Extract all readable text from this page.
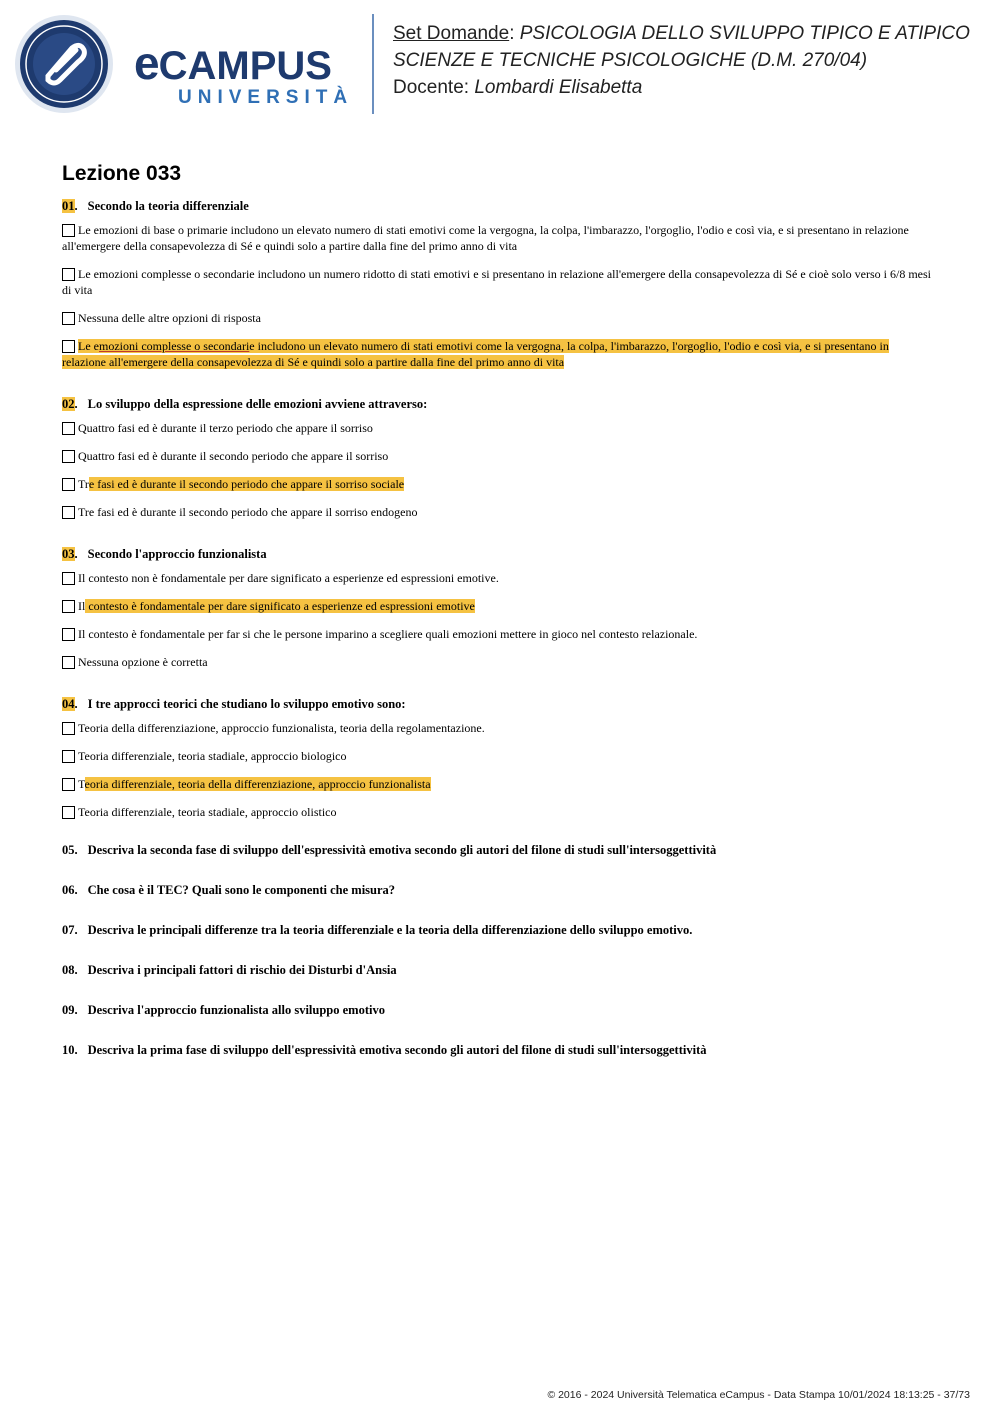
eCAMPUS
UNIVERSITÀ
Set Domande: PSICOLOGIA DELLO SVILUPPO TIPICO E ATIPICO
SCIENZE E TECNICHE PSICOLOGICHE (D.M. 270/04)
Docente: Lombardi Elisabetta
Lezione 033
01. Secondo la teoria differenziale
Le emozioni di base o primarie includono un elevato numero di stati emotivi come la vergogna, la colpa, l'imbarazzo, l'orgoglio, l'odio e così via, e si presentano in relazione all'emergere della consapevolezza di Sé e quindi solo a partire dalla fine del primo anno di vita
Le emozioni complesse o secondarie includono un numero ridotto di stati emotivi e si presentano in relazione all'emergere della consapevolezza di Sé e cioè solo verso i 6/8 mesi di vita
Nessuna delle altre opzioni di risposta
Le emozioni complesse o secondarie includono un elevato numero di stati emotivi come la vergogna, la colpa, l'imbarazzo, l'orgoglio, l'odio e così via, e si presentano in relazione all'emergere della consapevolezza di Sé e quindi solo a partire dalla fine del primo anno di vita
02. Lo sviluppo della espressione delle emozioni avviene attraverso:
Quattro fasi ed è durante il terzo periodo che appare il sorriso
Quattro fasi ed è durante il secondo periodo che appare il sorriso
Tre fasi ed è durante il secondo periodo che appare il sorriso sociale
Tre fasi ed è durante il secondo periodo che appare il sorriso endogeno
03. Secondo l'approccio funzionalista
Il contesto non è fondamentale per dare significato a esperienze ed espressioni emotive.
Il contesto è fondamentale per dare significato a esperienze ed espressioni emotive
Il contesto è fondamentale per far si che le persone imparino a scegliere quali emozioni mettere in gioco nel contesto relazionale.
Nessuna opzione è corretta
04. I tre approcci teorici che studiano lo sviluppo emotivo sono:
Teoria della differenziazione, approccio funzionalista, teoria della regolamentazione.
Teoria differenziale, teoria stadiale, approccio biologico
Teoria differenziale, teoria della differenziazione, approccio funzionalista
Teoria differenziale, teoria stadiale, approccio olistico
05. Descriva la seconda fase di sviluppo dell'espressività emotiva secondo gli autori del filone di studi sull'intersoggettività
06. Che cosa è il TEC? Quali sono le componenti che misura?
07. Descriva le principali differenze tra la teoria differenziale e la teoria della differenziazione dello sviluppo emotivo.
08. Descriva i principali fattori di rischio dei Disturbi d'Ansia
09. Descriva l'approccio funzionalista allo sviluppo emotivo
10. Descriva la prima fase di sviluppo dell'espressività emotiva secondo gli autori del filone di studi sull'intersoggettività
© 2016 - 2024 Università Telematica eCampus - Data Stampa 10/01/2024 18:13:25 - 37/73
